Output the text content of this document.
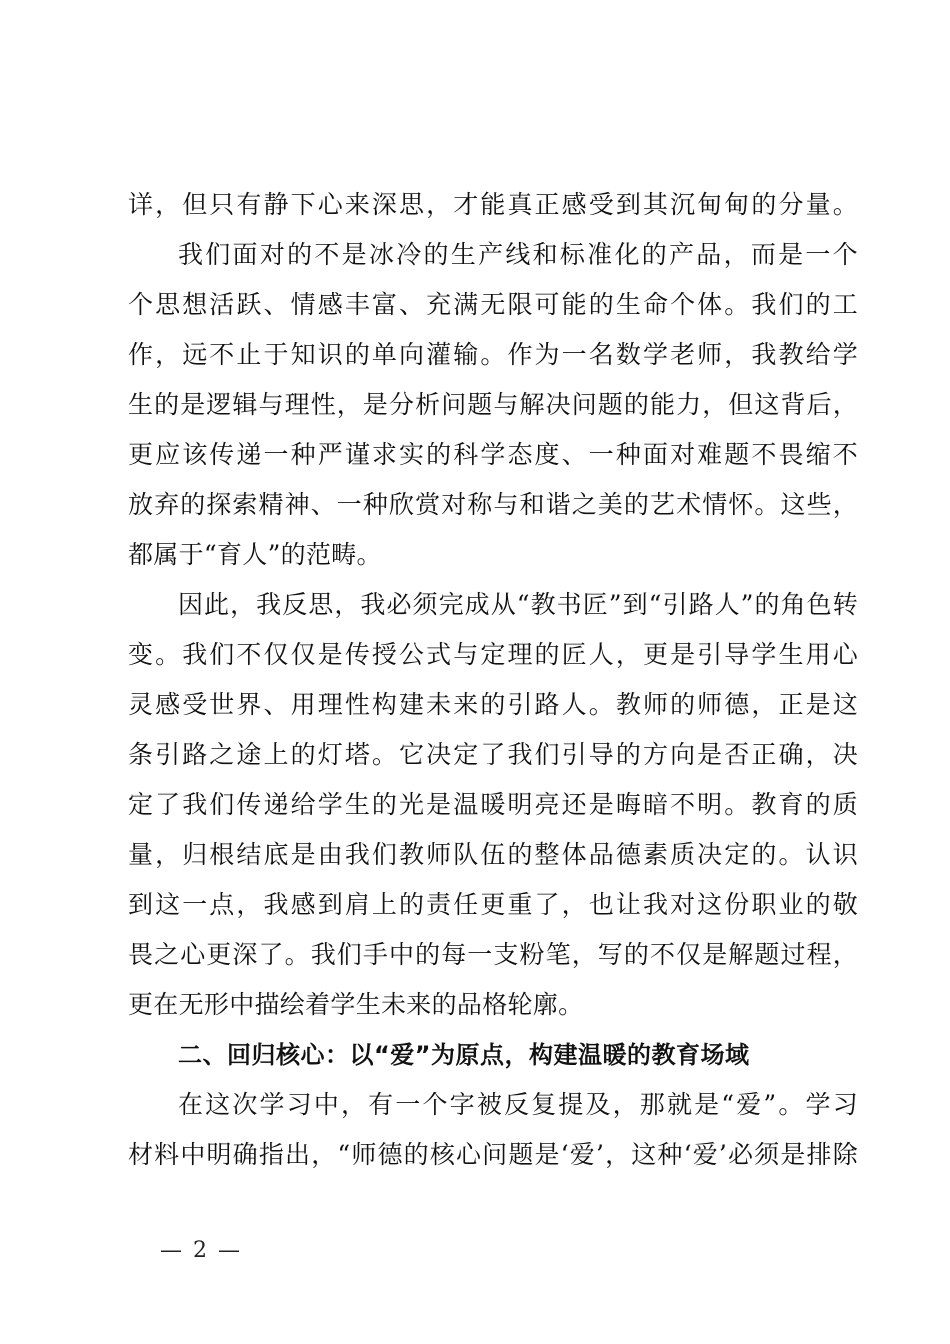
详，但只有静下心来深思，才能真正感受到其沉甸甸的分量。
我们面对的不是冰冷的生产线和标准化的产品，而是一个
个思想活跃、情感丰富、充满无限可能的生命个体。我们的工
作，远不止于知识的单向灌输。作为一名数学老师，我教给学
生的是逻辑与理性，是分析问题与解决问题的能力，但这背后，
更应该传递一种严谨求实的科学态度、一种面对难题不畏缩不
放弃的探索精神、一种欣赏对称与和谐之美的艺术情怀。这些，
都属于“育人”的范畴。
因此，我反思，我必须完成从“教书匠”到“引路人”的角色转
变。我们不仅仅是传授公式与定理的匠人，更是引导学生用心
灵感受世界、用理性构建未来的引路人。教师的师德，正是这
条引路之途上的灯塔。它决定了我们引导的方向是否正确，决
定了我们传递给学生的光是温暖明亮还是晦暗不明。教育的质
量，归根结底是由我们教师队伍的整体品德素质决定的。认识
到这一点，我感到肩上的责任更重了，也让我对这份职业的敬
畏之心更深了。我们手中的每一支粉笔，写的不仅是解题过程，
更在无形中描绘着学生未来的品格轮廓。
二、回归核心：以“爱”为原点，构建温暖的教育场域
在这次学习中，有一个字被反复提及，那就是“爱”。学习
材料中明确指出，“师德的核心问题是‘爱’，这种‘爱’必须是排除
— 2 —
